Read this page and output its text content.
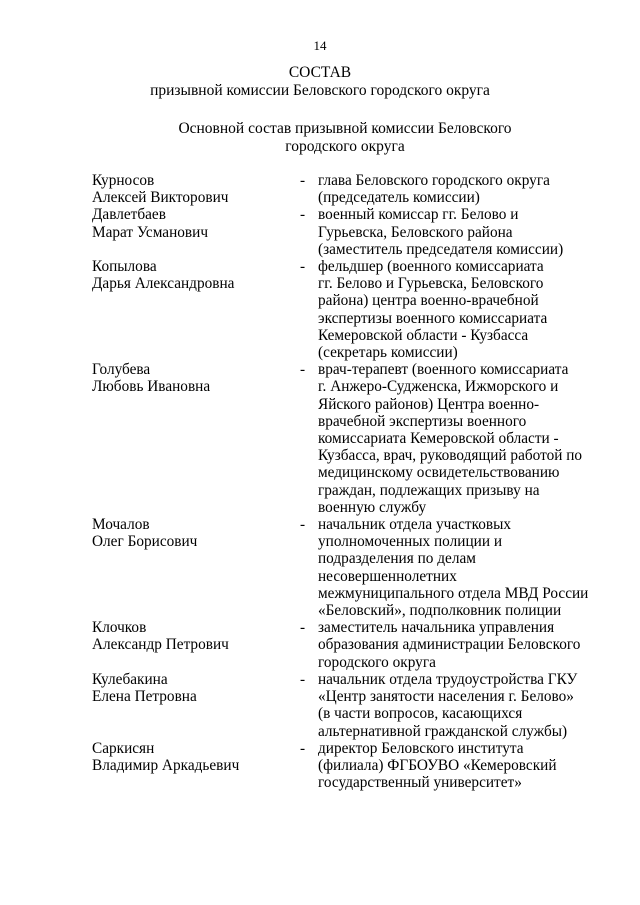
14
СОСТАВ
призывной комиссии Беловского городского округа
Основной состав призывной комиссии Беловского
городского округа
Курносов
Алексей Викторович
- глава Беловского городского округа
(председатель комиссии)
Давлетбаев
Марат Усманович
- военный комиссар гг. Белово и
Гурьевска, Беловского района
(заместитель председателя комиссии)
Копылова
Дарья Александровна
- фельдшер (военного комиссариата
гг. Белово и Гурьевска, Беловского
района) центра военно-врачебной
экспертизы военного комиссариата
Кемеровской области - Кузбасса
(секретарь комиссии)
Голубева
Любовь Ивановна
- врач-терапевт (военного комиссариата
г. Анжеро-Судженска, Ижморского и
Яйского районов) Центра военно-
врачебной экспертизы военного
комиссариата Кемеровской области -
Кузбасса, врач, руководящий работой по
медицинскому освидетельствованию
граждан, подлежащих призыву на
военную службу
Мочалов
Олег Борисович
- начальник отдела участковых
уполномоченных полиции и
подразделения по делам
несовершеннолетних
межмуниципального отдела МВД России
«Беловский», подполковник полиции
Клочков
Александр Петрович
- заместитель начальника управления
образования администрации Беловского
городского округа
Кулебакина
Елена Петровна
- начальник отдела трудоустройства ГКУ
«Центр занятости населения г. Белово»
(в части вопросов, касающихся
альтернативной гражданской службы)
Саркисян
Владимир Аркадьевич
- директор Беловского института
(филиала) ФГБОУВО «Кемеровский
государственный университет»
